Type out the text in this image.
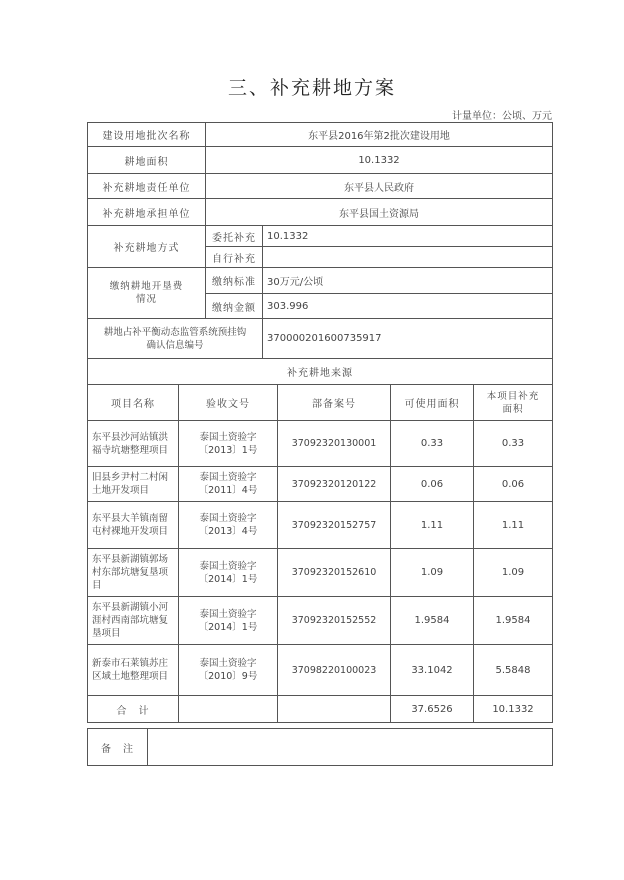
三、补充耕地方案
计量单位：公顷、万元
建设用地批次名称	东平县2016年第2批次建设用地	
耕地面积	10.1332	
补充耕地责任单位	东平县人民政府	
补充耕地承担单位	东平县国土资源局	
补充耕地方式	委托补充	10.1332
	自行补充	
缴纳耕地开垦费情况	缴纳标准	30万元/公顷
	缴纳金额	303.996
耕地占补平衡动态监管系统预挂钩确认信息编号		370000201600735917
补充耕地来源		
项目名称	验收文号	部备案号	可使用面积	本项目补充面积
东平县沙河站镇洪福寺坑塘整理项目	泰国土资验字〔2013〕1号	37092320130001	0.33	0.33
旧县乡尹村二村闲土地开发项目	泰国土资验字〔2011〕4号	37092320120122	0.06	0.06
东平县大羊镇南留屯村裸地开发项目	泰国土资验字〔2013〕4号	37092320152757	1.11	1.11
东平县新湖镇郭场村东部坑塘复垦项目	泰国土资验字〔2014〕1号	37092320152610	1.09	1.09
东平县新湖镇小河涯村西南部坑塘复垦项目	泰国土资验字〔2014〕1号	37092320152552	1.9584	1.9584
新泰市石莱镇苏庄区域土地整理项目	泰国土资验字〔2010〕9号	37098220100023	33.1042	5.5848
合　计			37.6526	10.1332
备　注	
